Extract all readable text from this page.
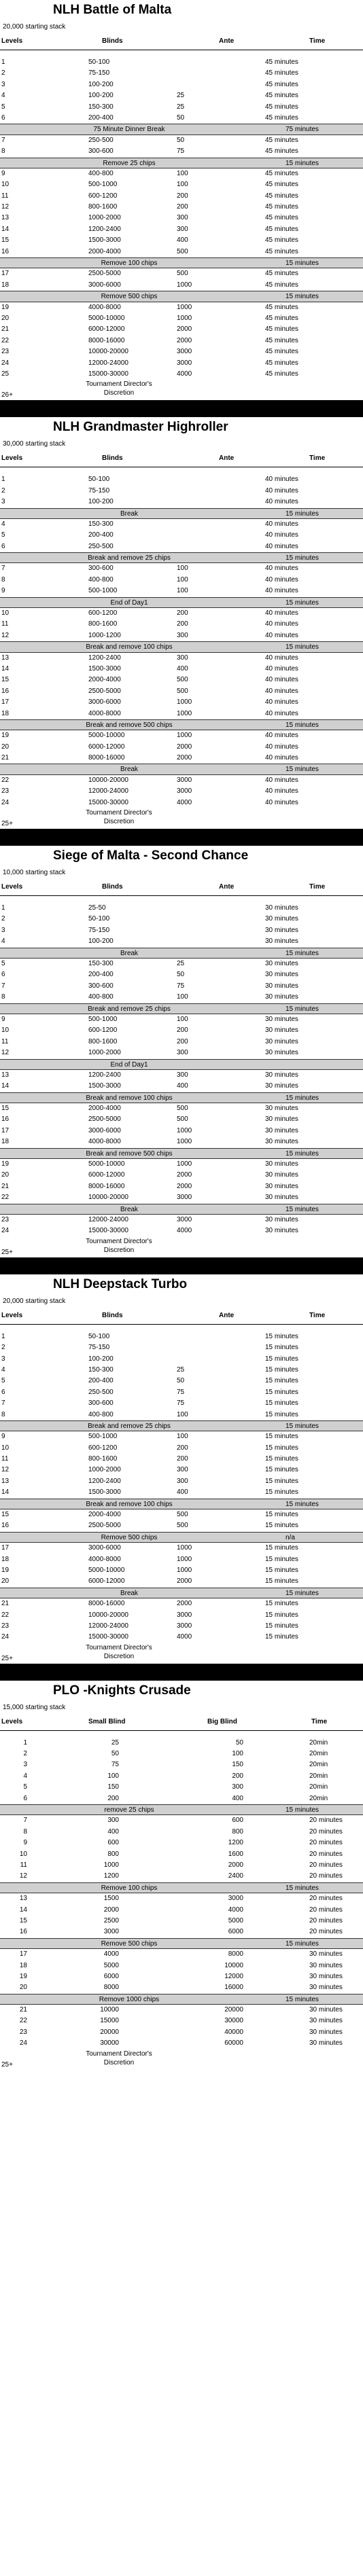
NLH Battle of Malta
20,000 starting stack
Levels	Blinds	Ante	Time
1	50-100	45 minutes
2	75-150	45 minutes
3	100-200	45 minutes
4	100-200	25	45 minutes
5	150-300	25	45 minutes
6	200-400	50	45 minutes
75 Minute Dinner Break	75 minutes
7	250-500	50	45 minutes
8	300-600	75	45 minutes
Remove 25 chips	15 minutes
9	400-800	100	45 minutes
10	500-1000	100	45 minutes
11	600-1200	200	45 minutes
12	800-1600	200	45 minutes
13	1000-2000	300	45 minutes
14	1200-2400	300	45 minutes
15	1500-3000	400	45 minutes
16	2000-4000	500	45 minutes
Remove 100 chips	15 minutes
17	2500-5000	500	45 minutes
18	3000-6000	1000	45 minutes
Remove 500 chips	15 minutes
19	4000-8000	1000	45 minutes
20	5000-10000	1000	45 minutes
21	6000-12000	2000	45 minutes
22	8000-16000	2000	45 minutes
23	10000-20000	3000	45 minutes
24	12000-24000	3000	45 minutes
25	15000-30000	4000	45 minutes
26+
Tournament Director's
Discretion
NLH Grandmaster Highroller
30,000 starting stack
Levels	Blinds	Ante	Time
1	50-100	40 minutes
2	75-150	40 minutes
3	100-200	40 minutes
Break	15 minutes
4	150-300	40 minutes
5	200-400	40 minutes
6	250-500	40 minutes
Break and remove 25 chips	15 minutes
7	300-600	100	40 minutes
8	400-800	100	40 minutes
9	500-1000	100	40 minutes
End of Day1	15 minutes
10	600-1200	200	40 minutes
11	800-1600	200	40 minutes
12	1000-1200	300	40 minutes
Break and remove 100 chips	15 minutes
13	1200-2400	300	40 minutes
14	1500-3000	400	40 minutes
15	2000-4000	500	40 minutes
16	2500-5000	500	40 minutes
17	3000-6000	1000	40 minutes
18	4000-8000	1000	40 minutes
Break and remove 500 chips	15 minutes
19	5000-10000	1000	40 minutes
20	6000-12000	2000	40 minutes
21	8000-16000	2000	40 minutes
Break	15 minutes
22	10000-20000	3000	40 minutes
23	12000-24000	3000	40 minutes
24	15000-30000	4000	40 minutes
25+
Tournament Director's
Discretion
Siege of Malta - Second Chance
10,000 starting stack
Levels	Blinds	Ante	Time
1	25-50	30 minutes
2	50-100	30 minutes
3	75-150	30 minutes
4	100-200	30 minutes
Break	15 minutes
5	150-300	25	30 minutes
6	200-400	50	30 minutes
7	300-600	75	30 minutes
8	400-800	100	30 minutes
Break and remove 25 chips	15 minutes
9	500-1000	100	30 minutes
10	600-1200	200	30 minutes
11	800-1600	200	30 minutes
12	1000-2000	300	30 minutes
End of Day1
13	1200-2400	300	30 minutes
14	1500-3000	400	30 minutes
Break and remove 100 chips	15 minutes
15	2000-4000	500	30 minutes
16	2500-5000	500	30 minutes
17	3000-6000	1000	30 minutes
18	4000-8000	1000	30 minutes
Break and remove 500 chips	15 minutes
19	5000-10000	1000	30 minutes
20	6000-12000	2000	30 minutes
21	8000-16000	2000	30 minutes
22	10000-20000	3000	30 minutes
Break	15 minutes
23	12000-24000	3000	30 minutes
24	15000-30000	4000	30 minutes
25+
Tournament Director's
Discretion
NLH Deepstack Turbo
20,000 starting stack
Levels	Blinds	Ante	Time
1	50-100	15 minutes
2	75-150	15 minutes
3	100-200	15 minutes
4	150-300	25	15 minutes
5	200-400	50	15 minutes
6	250-500	75	15 minutes
7	300-600	75	15 minutes
8	400-800	100	15 minutes
Break and remove 25 chips	15 minutes
9	500-1000	100	15 minutes
10	600-1200	200	15 minutes
11	800-1600	200	15 minutes
12	1000-2000	300	15 minutes
13	1200-2400	300	15 minutes
14	1500-3000	400	15 minutes
Break and remove 100 chips	15 minutes
15	2000-4000	500	15 minutes
16	2500-5000	500	15 minutes
Remove 500 chips	n/a
17	3000-6000	1000	15 minutes
18	4000-8000	1000	15 minutes
19	5000-10000	1000	15 minutes
20	6000-12000	2000	15 minutes
Break	15 minutes
21	8000-16000	2000	15 minutes
22	10000-20000	3000	15 minutes
23	12000-24000	3000	15 minutes
24	15000-30000	4000	15 minutes
25+
Tournament Director's
Discretion
PLO -Knights Crusade
15,000 starting stack
Levels	Small Blind	Big Blind	Time
1	25	50	20min
2	50	100	20min
3	75	150	20min
4	100	200	20min
5	150	300	20min
6	200	400	20min
remove 25 chips	15 minutes
7	300	600	20 minutes
8	400	800	20 minutes
9	600	1200	20 minutes
10	800	1600	20 minutes
11	1000	2000	20 minutes
12	1200	2400	20 minutes
Remove 100 chips	15 minutes
13	1500	3000	20 minutes
14	2000	4000	20 minutes
15	2500	5000	20 minutes
16	3000	6000	20 minutes
Remove 500 chips	15 minutes
17	4000	8000	30 minutes
18	5000	10000	30 minutes
19	6000	12000	30 minutes
20	8000	16000	30 minutes
Remove 1000 chips	15 minutes
21	10000	20000	30 minutes
22	15000	30000	30 minutes
23	20000	40000	30 minutes
24	30000	60000	30 minutes
25+
Tournament Director's
Discretion
